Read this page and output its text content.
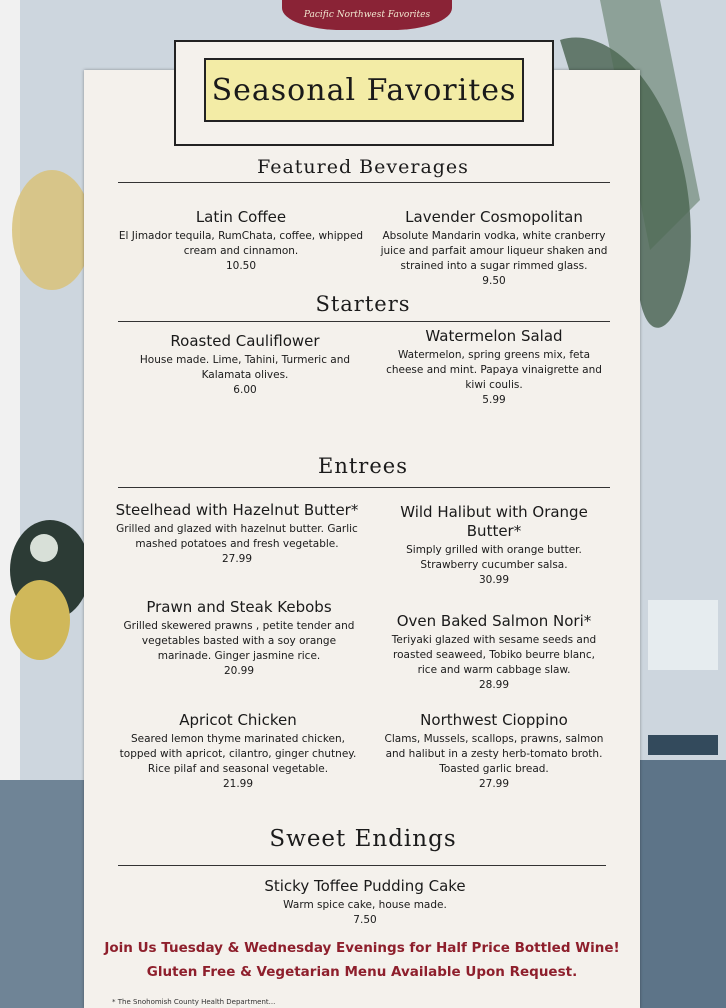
Seasonal Favorites
Pacific Northwest Favorites
Featured Beverages
Latin Coffee
El Jimador tequila, RumChata, coffee, whipped cream and cinnamon.
10.50
Lavender Cosmopolitan
Absolute Mandarin vodka, white cranberry juice and parfait amour liqueur shaken and strained into a sugar rimmed glass.
9.50
Starters
Roasted Cauliflower
House made. Lime, Tahini, Turmeric and Kalamata olives.
6.00
Watermelon Salad
Watermelon, spring greens mix, feta cheese and mint. Papaya vinaigrette and kiwi coulis.
5.99
Entrees
Steelhead with Hazelnut Butter*
Grilled and glazed with hazelnut butter. Garlic mashed potatoes and fresh vegetable.
27.99
Wild Halibut with Orange Butter*
Simply grilled with orange butter. Strawberry cucumber salsa.
30.99
Prawn and Steak Kebobs
Grilled skewered prawns , petite tender and vegetables basted with a soy orange marinade. Ginger jasmine rice.
20.99
Oven Baked Salmon Nori*
Teriyaki glazed with sesame seeds and roasted seaweed, Tobiko beurre blanc, rice and warm cabbage slaw.
28.99
Apricot Chicken
Seared lemon thyme marinated chicken, topped with apricot, cilantro, ginger chutney. Rice pilaf and seasonal vegetable.
21.99
Northwest Cioppino
Clams, Mussels, scallops, prawns, salmon and halibut in a zesty herb-tomato broth. Toasted garlic bread.
27.99
Sweet Endings
Sticky Toffee Pudding Cake
Warm spice cake, house made.
7.50
Join Us Tuesday & Wednesday Evenings for Half Price Bottled Wine!
Gluten Free & Vegetarian Menu Available Upon Request.
* The Snohomish County Health Department...
